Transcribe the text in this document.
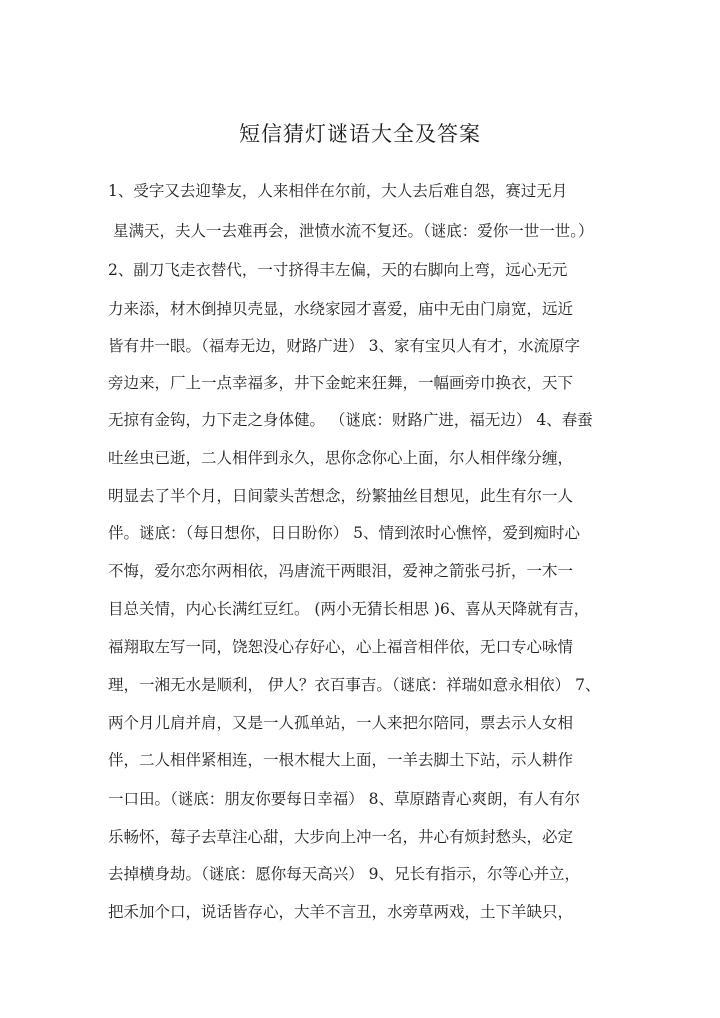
短信猜灯谜语大全及答案
1、受字又去迎挚友，人来相伴在尔前，大人去后难自怨，赛过无月
星满天，夫人一去难再会，泄愤水流不复还。（谜底：爱你一世一世。）
2、副刀飞走衣替代，一寸挤得丰左偏，天的右脚向上弯，远心无元
力来添，材木倒掉贝壳显，水绕家园才喜爱，庙中无由门扇宽，远近
皆有井一眼。（福寿无边，财路广进） 3、家有宝贝人有才，水流原字
旁边来，厂上一点幸福多，井下金蛇来狂舞，一幅画旁巾换衣，天下
无掠有金钩，力下走之身体健。 （谜底：财路广进，福无边） 4、春蚕
吐丝虫已逝，二人相伴到永久，思你念你心上面，尔人相伴缘分缠，
明显去了半个月，日间蒙头苦想念，纷繁抽丝目想见，此生有尔一人
伴。谜底：（每日想你，日日盼你） 5、情到浓时心憔悴，爱到痴时心
不悔，爱尔恋尔两相依，冯唐流干两眼泪，爱神之箭张弓折，一木一
目总关情，内心长满红豆红。 (两小无猜长相思 )6、喜从天降就有吉，
福翔取左写一同，饶恕没心存好心，心上福音相伴依，无口专心咏情
理，一湘无水是顺利， 伊人？衣百事吉。（谜底：祥瑞如意永相依） 7、
两个月儿肩并肩，又是一人孤单站，一人来把尔陪同，票去示人女相
伴，二人相伴紧相连，一根木棍大上面，一羊去脚土下站，示人耕作
一口田。（谜底：朋友你要每日幸福） 8、草原踏青心爽朗，有人有尔
乐畅怀，莓子去草注心甜，大步向上冲一名，井心有烦封愁头，必定
去掉横身劫。（谜底：愿你每天高兴） 9、兄长有指示，尔等心并立，
把禾加个口，说话皆存心，大羊不言丑，水旁草两戏，土下羊缺只，
